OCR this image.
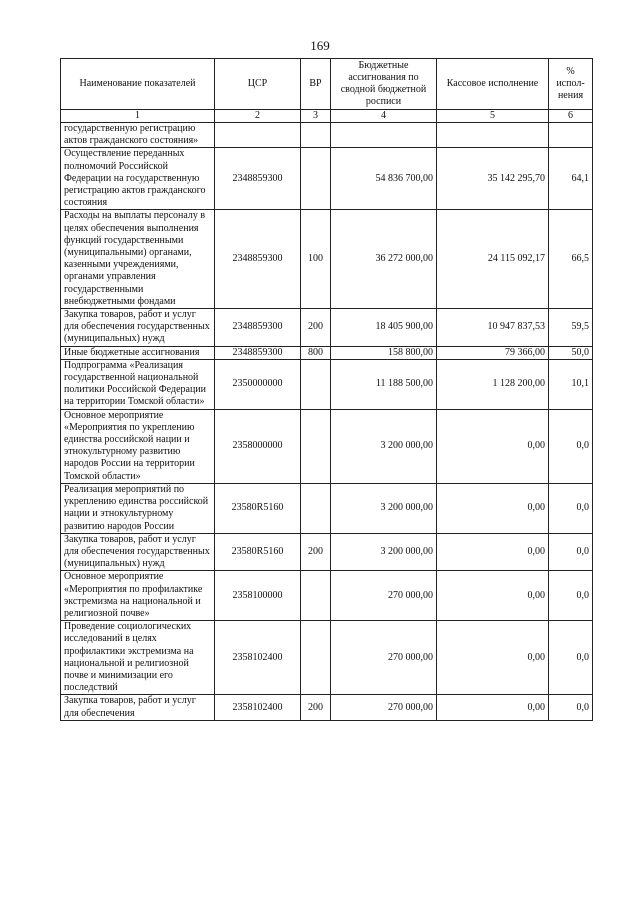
169
Наименование показателей	ЦСР	ВР	Бюджетные ассигнования по сводной бюджетной росписи	Кассовое исполнение	% испол-нения
1	2	3	4	5	6
государственную регистрацию актов гражданского состояния»					
Осуществление переданных полномочий Российской Федерации на государственную регистрацию актов гражданского состояния	2348859300		54 836 700,00	35 142 295,70	64,1
Расходы на выплаты персоналу в целях обеспечения выполнения функций государственными (муниципальными) органами, казенными учреждениями, органами управления государственными внебюджетными фондами	2348859300	100	36 272 000,00	24 115 092,17	66,5
Закупка товаров, работ и услуг для обеспечения государственных (муниципальных) нужд	2348859300	200	18 405 900,00	10 947 837,53	59,5
Иные бюджетные ассигнования	2348859300	800	158 800,00	79 366,00	50,0
Подпрограмма «Реализация государственной национальной политики Российской Федерации на территории Томской области»	2350000000		11 188 500,00	1 128 200,00	10,1
Основное мероприятие «Мероприятия по укреплению единства российской нации и этнокультурному развитию народов России на территории Томской области»	2358000000		3 200 000,00	0,00	0,0
Реализация мероприятий по укреплению единства российской нации и этнокультурному развитию народов России	23580R5160		3 200 000,00	0,00	0,0
Закупка товаров, работ и услуг для обеспечения государственных (муниципальных) нужд	23580R5160	200	3 200 000,00	0,00	0,0
Основное мероприятие «Мероприятия по профилактике экстремизма на национальной и религиозной почве»	2358100000		270 000,00	0,00	0,0
Проведение социологических исследований в целях профилактики экстремизма на национальной и религиозной почве и минимизации его последствий	2358102400		270 000,00	0,00	0,0
Закупка товаров, работ и услуг для обеспечения	2358102400	200	270 000,00	0,00	0,0
